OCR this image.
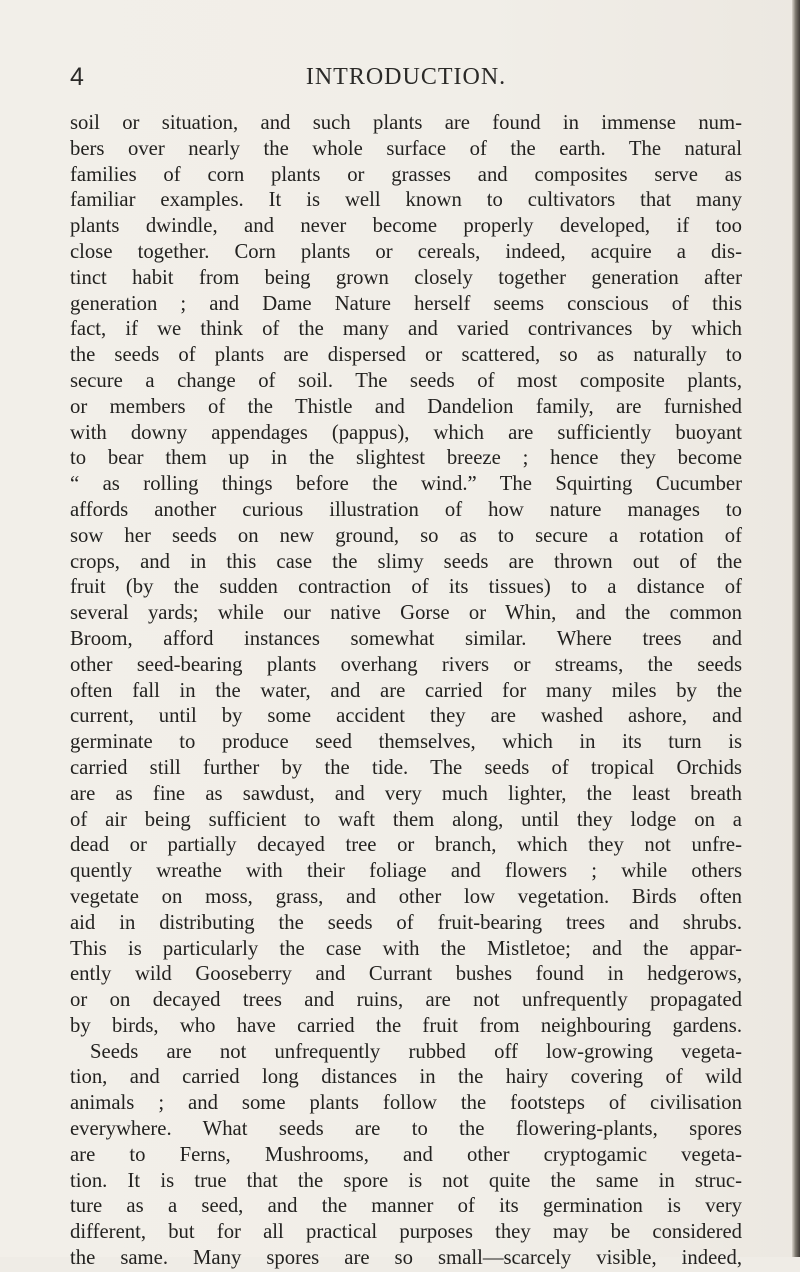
4	INTRODUCTION.
soil or situation, and such plants are found in immense num-
bers over nearly the whole surface of the earth. The natural
families of corn plants or grasses and composites serve as
familiar examples. It is well known to cultivators that many
plants dwindle, and never become properly developed, if too
close together. Corn plants or cereals, indeed, acquire a dis-
tinct habit from being grown closely together generation after
generation ; and Dame Nature herself seems conscious of this
fact, if we think of the many and varied contrivances by which
the seeds of plants are dispersed or scattered, so as naturally to
secure a change of soil. The seeds of most composite plants,
or members of the Thistle and Dandelion family, are furnished
with downy appendages (pappus), which are sufficiently buoyant
to bear them up in the slightest breeze ; hence they become
“ as rolling things before the wind.” The Squirting Cucumber
affords another curious illustration of how nature manages to
sow her seeds on new ground, so as to secure a rotation of
crops, and in this case the slimy seeds are thrown out of the
fruit (by the sudden contraction of its tissues) to a distance of
several yards; while our native Gorse or Whin, and the common
Broom, afford instances somewhat similar. Where trees and
other seed-bearing plants overhang rivers or streams, the seeds
often fall in the water, and are carried for many miles by the
current, until by some accident they are washed ashore, and
germinate to produce seed themselves, which in its turn is
carried still further by the tide. The seeds of tropical Orchids
are as fine as sawdust, and very much lighter, the least breath
of air being sufficient to waft them along, until they lodge on a
dead or partially decayed tree or branch, which they not unfre-
quently wreathe with their foliage and flowers ; while others
vegetate on moss, grass, and other low vegetation. Birds often
aid in distributing the seeds of fruit-bearing trees and shrubs.
This is particularly the case with the Mistletoe; and the appar-
ently wild Gooseberry and Currant bushes found in hedgerows,
or on decayed trees and ruins, are not unfrequently propagated
by birds, who have carried the fruit from neighbouring gardens.
Seeds are not unfrequently rubbed off low-growing vegeta-
tion, and carried long distances in the hairy covering of wild
animals ; and some plants follow the footsteps of civilisation
everywhere. What seeds are to the flowering-plants, spores
are to Ferns, Mushrooms, and other cryptogamic vegeta-
tion. It is true that the spore is not quite the same in struc-
ture as a seed, and the manner of its germination is very
different, but for all practical purposes they may be considered
the same. Many spores are so small—scarcely visible, indeed,
